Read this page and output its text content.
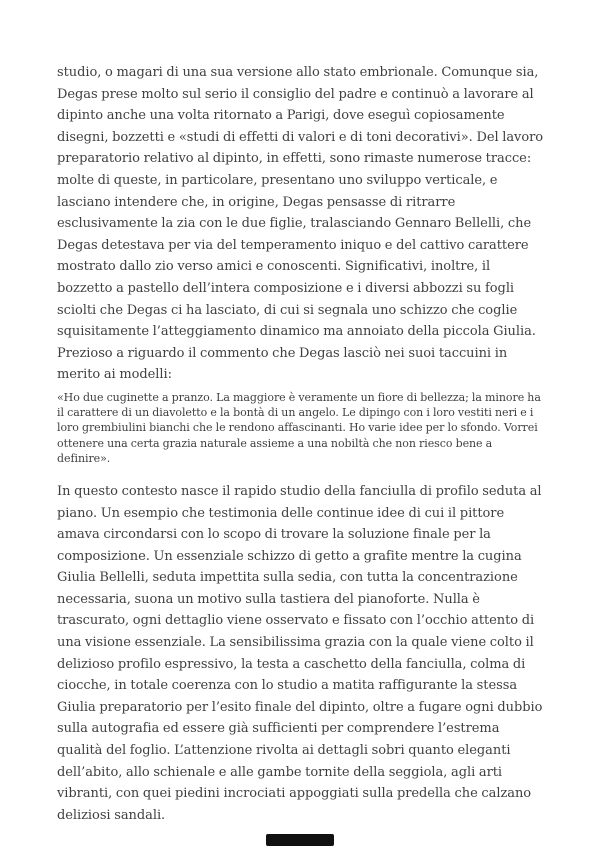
studio, o magari di una sua versione allo stato embrionale. Comunque sia, Degas prese molto sul serio il consiglio del padre e continuò a lavorare al dipinto anche una volta ritornato a Parigi, dove eseguì copiosamente disegni, bozzetti e «studi di effetti di valori e di toni decorativi». Del lavoro preparatorio relativo al dipinto, in effetti, sono rimaste numerose tracce: molte di queste, in particolare, presentano uno sviluppo verticale, e lasciano intendere che, in origine, Degas pensasse di ritrarre esclusivamente la zia con le due figlie, tralasciando Gennaro Bellelli, che Degas detestava per via del temperamento iniquo e del cattivo carattere mostrato dallo zio verso amici e conoscenti. Significativi, inoltre, il bozzetto a pastello dell’intera composizione e i diversi abbozzi su fogli sciolti che Degas ci ha lasciato, di cui si segnala uno schizzo che coglie squisitamente l’atteggiamento dinamico ma annoiato della piccola Giulia.

Prezioso a riguardo il commento che Degas lasciò nei suoi taccuini in merito ai modelli:

«Ho due cuginette a pranzo. La maggiore è veramente un fiore di bellezza; la minore ha il carattere di un diavoletto e la bontà di un angelo. Le dipingo con i loro vestiti neri e i loro grembiulini bianchi che le rendono affascinanti. Ho varie idee per lo sfondo. Vorrei ottenere una certa grazia naturale assieme a una nobiltà che non riesco bene a definire».

In questo contesto nasce il rapido studio della fanciulla di profilo seduta al piano. Un esempio che testimonia delle continue idee di cui il pittore amava circondarsi con lo scopo di trovare la soluzione finale per la composizione. Un essenziale schizzo di getto a grafite mentre la cugina Giulia Bellelli, seduta impettita sulla sedia, con tutta la concentrazione necessaria, suona un motivo sulla tastiera del pianoforte. Nulla è trascurato, ogni dettaglio viene osservato e fissato con l’occhio attento di una visione essenziale. La sensibilissima grazia con la quale viene colto il delizioso profilo espressivo, la testa a caschetto della fanciulla, colma di ciocche, in totale coerenza con lo studio a matita raffigurante la stessa Giulia preparatorio per l’esito finale del dipinto, oltre a fugare ogni dubbio sulla autografia ed essere già sufficienti per comprendere l’estrema qualità del foglio. L’attenzione rivolta ai dettagli sobri quanto eleganti dell’abito, allo schienale e alle gambe tornite della seggiola, agli arti vibranti, con quei piedini incrociati appoggiati sulla predella che calzano deliziosi sandali.
